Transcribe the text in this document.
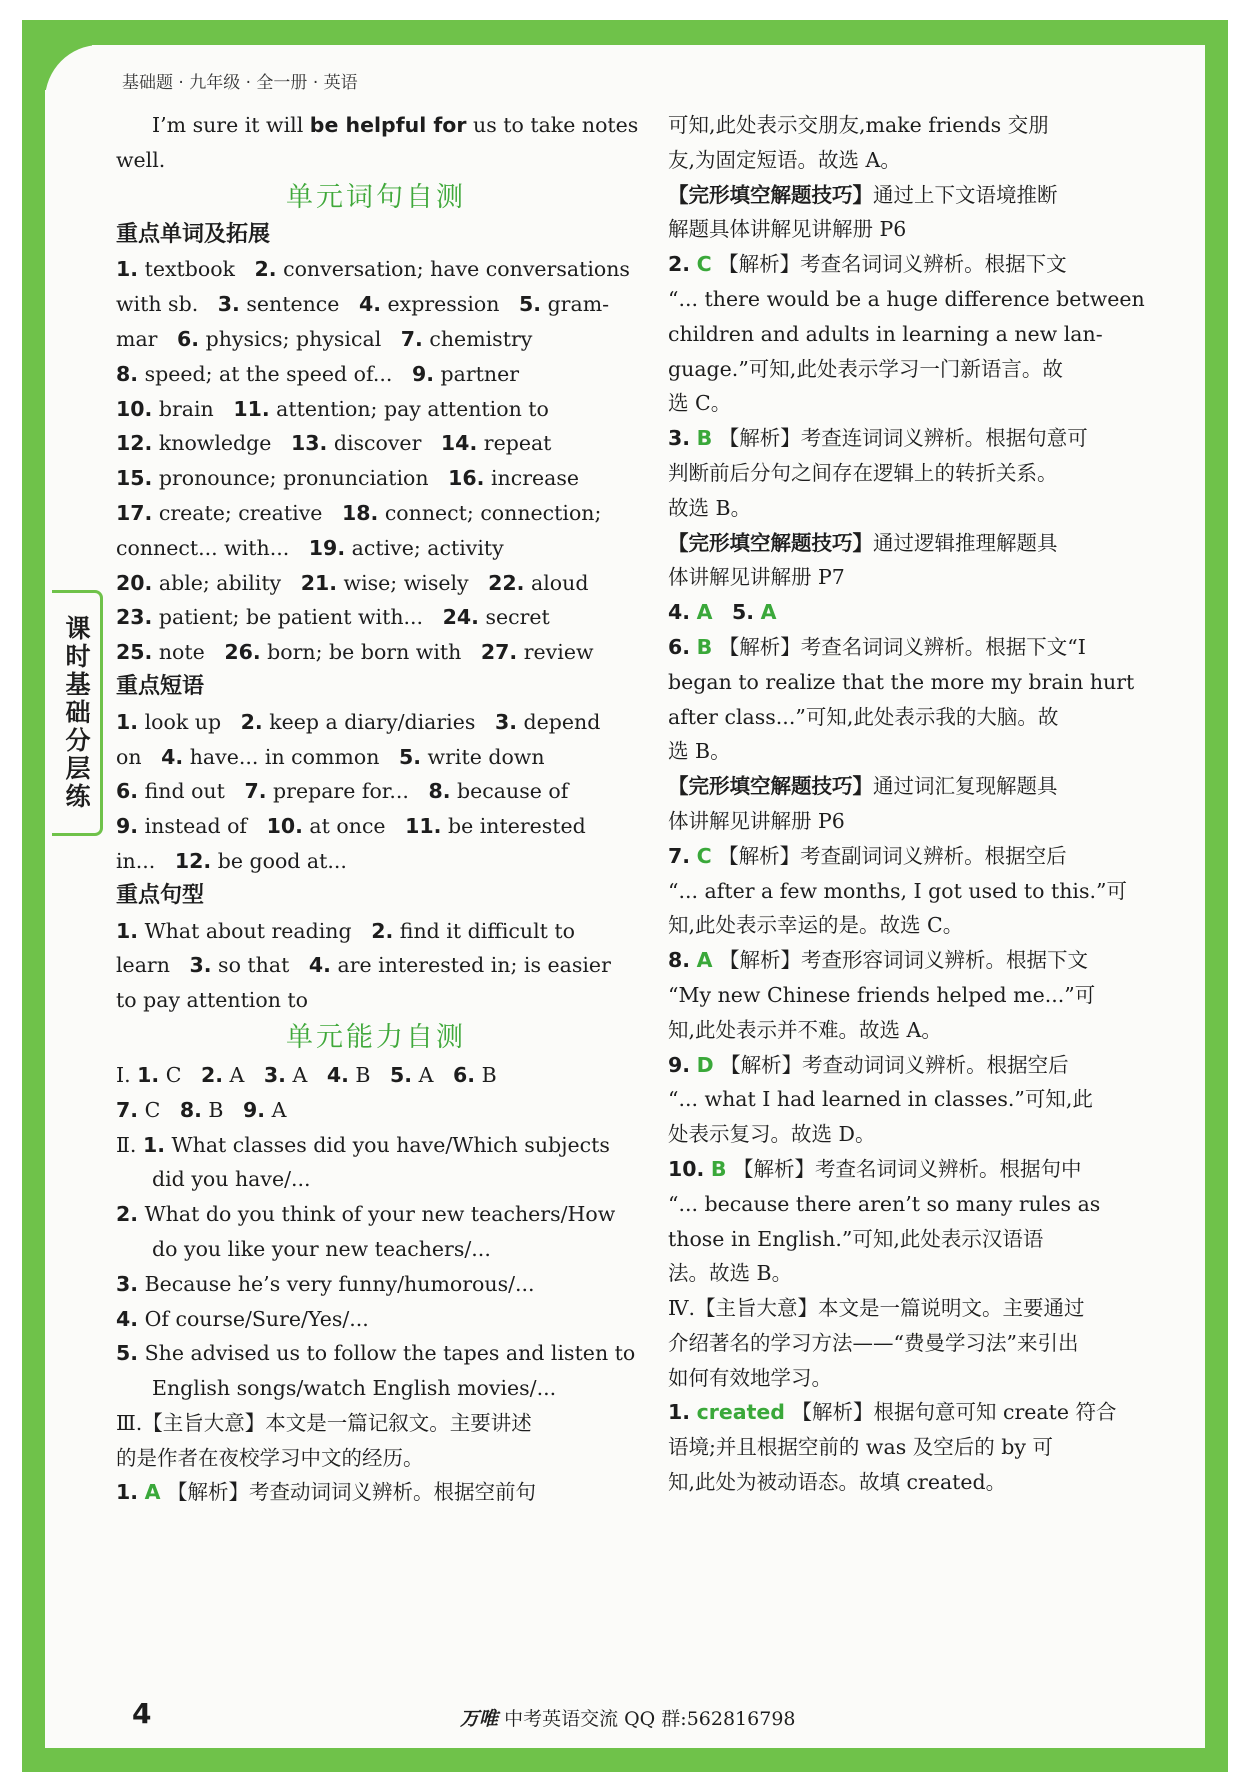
基础题 · 九年级 · 全一册 · 英语
课时基础分层练
I’m sure it will be helpful for us to take notes
well.
单元词句自测
重点单词及拓展
1. textbook   2. conversation; have conversations
with sb.   3. sentence   4. expression   5. gram-
mar   6. physics; physical   7. chemistry
8. speed; at the speed of...   9. partner
10. brain   11. attention; pay attention to
12. knowledge   13. discover   14. repeat
15. pronounce; pronunciation   16. increase
17. create; creative   18. connect; connection;
connect... with...   19. active; activity
20. able; ability   21. wise; wisely   22. aloud
23. patient; be patient with...   24. secret
25. note   26. born; be born with   27. review
重点短语
1. look up   2. keep a diary/diaries   3. depend
on   4. have... in common   5. write down
6. find out   7. prepare for...   8. because of
9. instead of   10. at once   11. be interested
in...   12. be good at...
重点句型
1. What about reading   2. find it difficult to
learn   3. so that   4. are interested in; is easier
to pay attention to
单元能力自测
Ⅰ. 1. C   2. A   3. A   4. B   5. A   6. B
7. C   8. B   9. A
Ⅱ. 1. What classes did you have/Which subjects
did you have/...
2. What do you think of your new teachers/How
do you like your new teachers/...
3. Because he’s very funny/humorous/...
4. Of course/Sure/Yes/...
5. She advised us to follow the tapes and listen to
English songs/watch English movies/...
Ⅲ.【主旨大意】本文是一篇记叙文。主要讲述
的是作者在夜校学习中文的经历。
1. A 【解析】考查动词词义辨析。根据空前句
可知,此处表示交朋友,make friends 交朋
友,为固定短语。故选 A。
【完形填空解题技巧】通过上下文语境推断
解题具体讲解见讲解册 P6
2. C 【解析】考查名词词义辨析。根据下文
“... there would be a huge difference between
children and adults in learning a new lan-
guage.”可知,此处表示学习一门新语言。故
选 C。
3. B 【解析】考查连词词义辨析。根据句意可
判断前后分句之间存在逻辑上的转折关系。
故选 B。
【完形填空解题技巧】通过逻辑推理解题具
体讲解见讲解册 P7
4. A 5. A
6. B 【解析】考查名词词义辨析。根据下文“I
began to realize that the more my brain hurt
after class...”可知,此处表示我的大脑。故
选 B。
【完形填空解题技巧】通过词汇复现解题具
体讲解见讲解册 P6
7. C 【解析】考查副词词义辨析。根据空后
“... after a few months, I got used to this.”可
知,此处表示幸运的是。故选 C。
8. A 【解析】考查形容词词义辨析。根据下文
“My new Chinese friends helped me...”可
知,此处表示并不难。故选 A。
9. D 【解析】考查动词词义辨析。根据空后
“... what I had learned in classes.”可知,此
处表示复习。故选 D。
10. B 【解析】考查名词词义辨析。根据句中
“... because there aren’t so many rules as
those in English.”可知,此处表示汉语语
法。故选 B。
Ⅳ.【主旨大意】本文是一篇说明文。主要通过
介绍著名的学习方法——“费曼学习法”来引出
如何有效地学习。
1. created 【解析】根据句意可知 create 符合
语境;并且根据空前的 was 及空后的 by 可
知,此处为被动语态。故填 created。
4	万唯 中考英语交流 QQ 群:562816798
